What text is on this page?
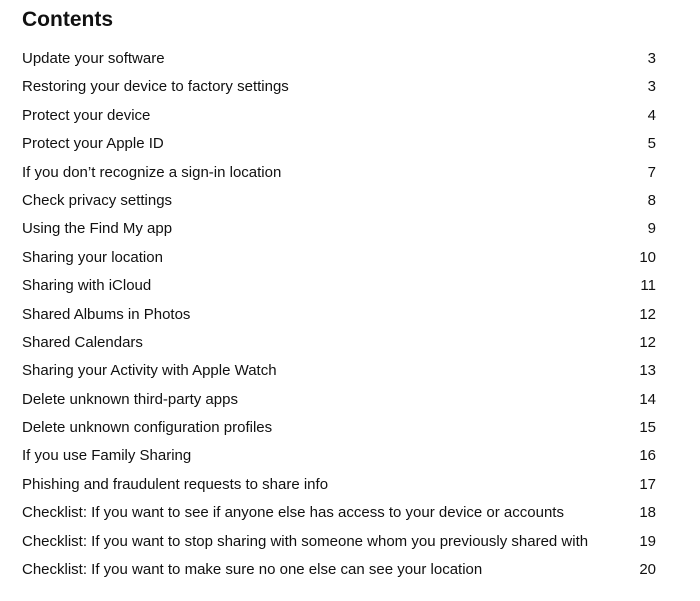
Contents
Update your software	3
Restoring your device to factory settings	3
Protect your device	4
Protect your Apple ID	5
If you don’t recognize a sign-in location	7
Check privacy settings	8
Using the Find My app	9
Sharing your location	10
Sharing with iCloud	11
Shared Albums in Photos	12
Shared Calendars	12
Sharing your Activity with Apple Watch	13
Delete unknown third-party apps	14
Delete unknown configuration profiles	15
If you use Family Sharing	16
Phishing and fraudulent requests to share info	17
Checklist: If you want to see if anyone else has access to your device or accounts	18
Checklist: If you want to stop sharing with someone whom you previously shared with	19
Checklist: If you want to make sure no one else can see your location	20
